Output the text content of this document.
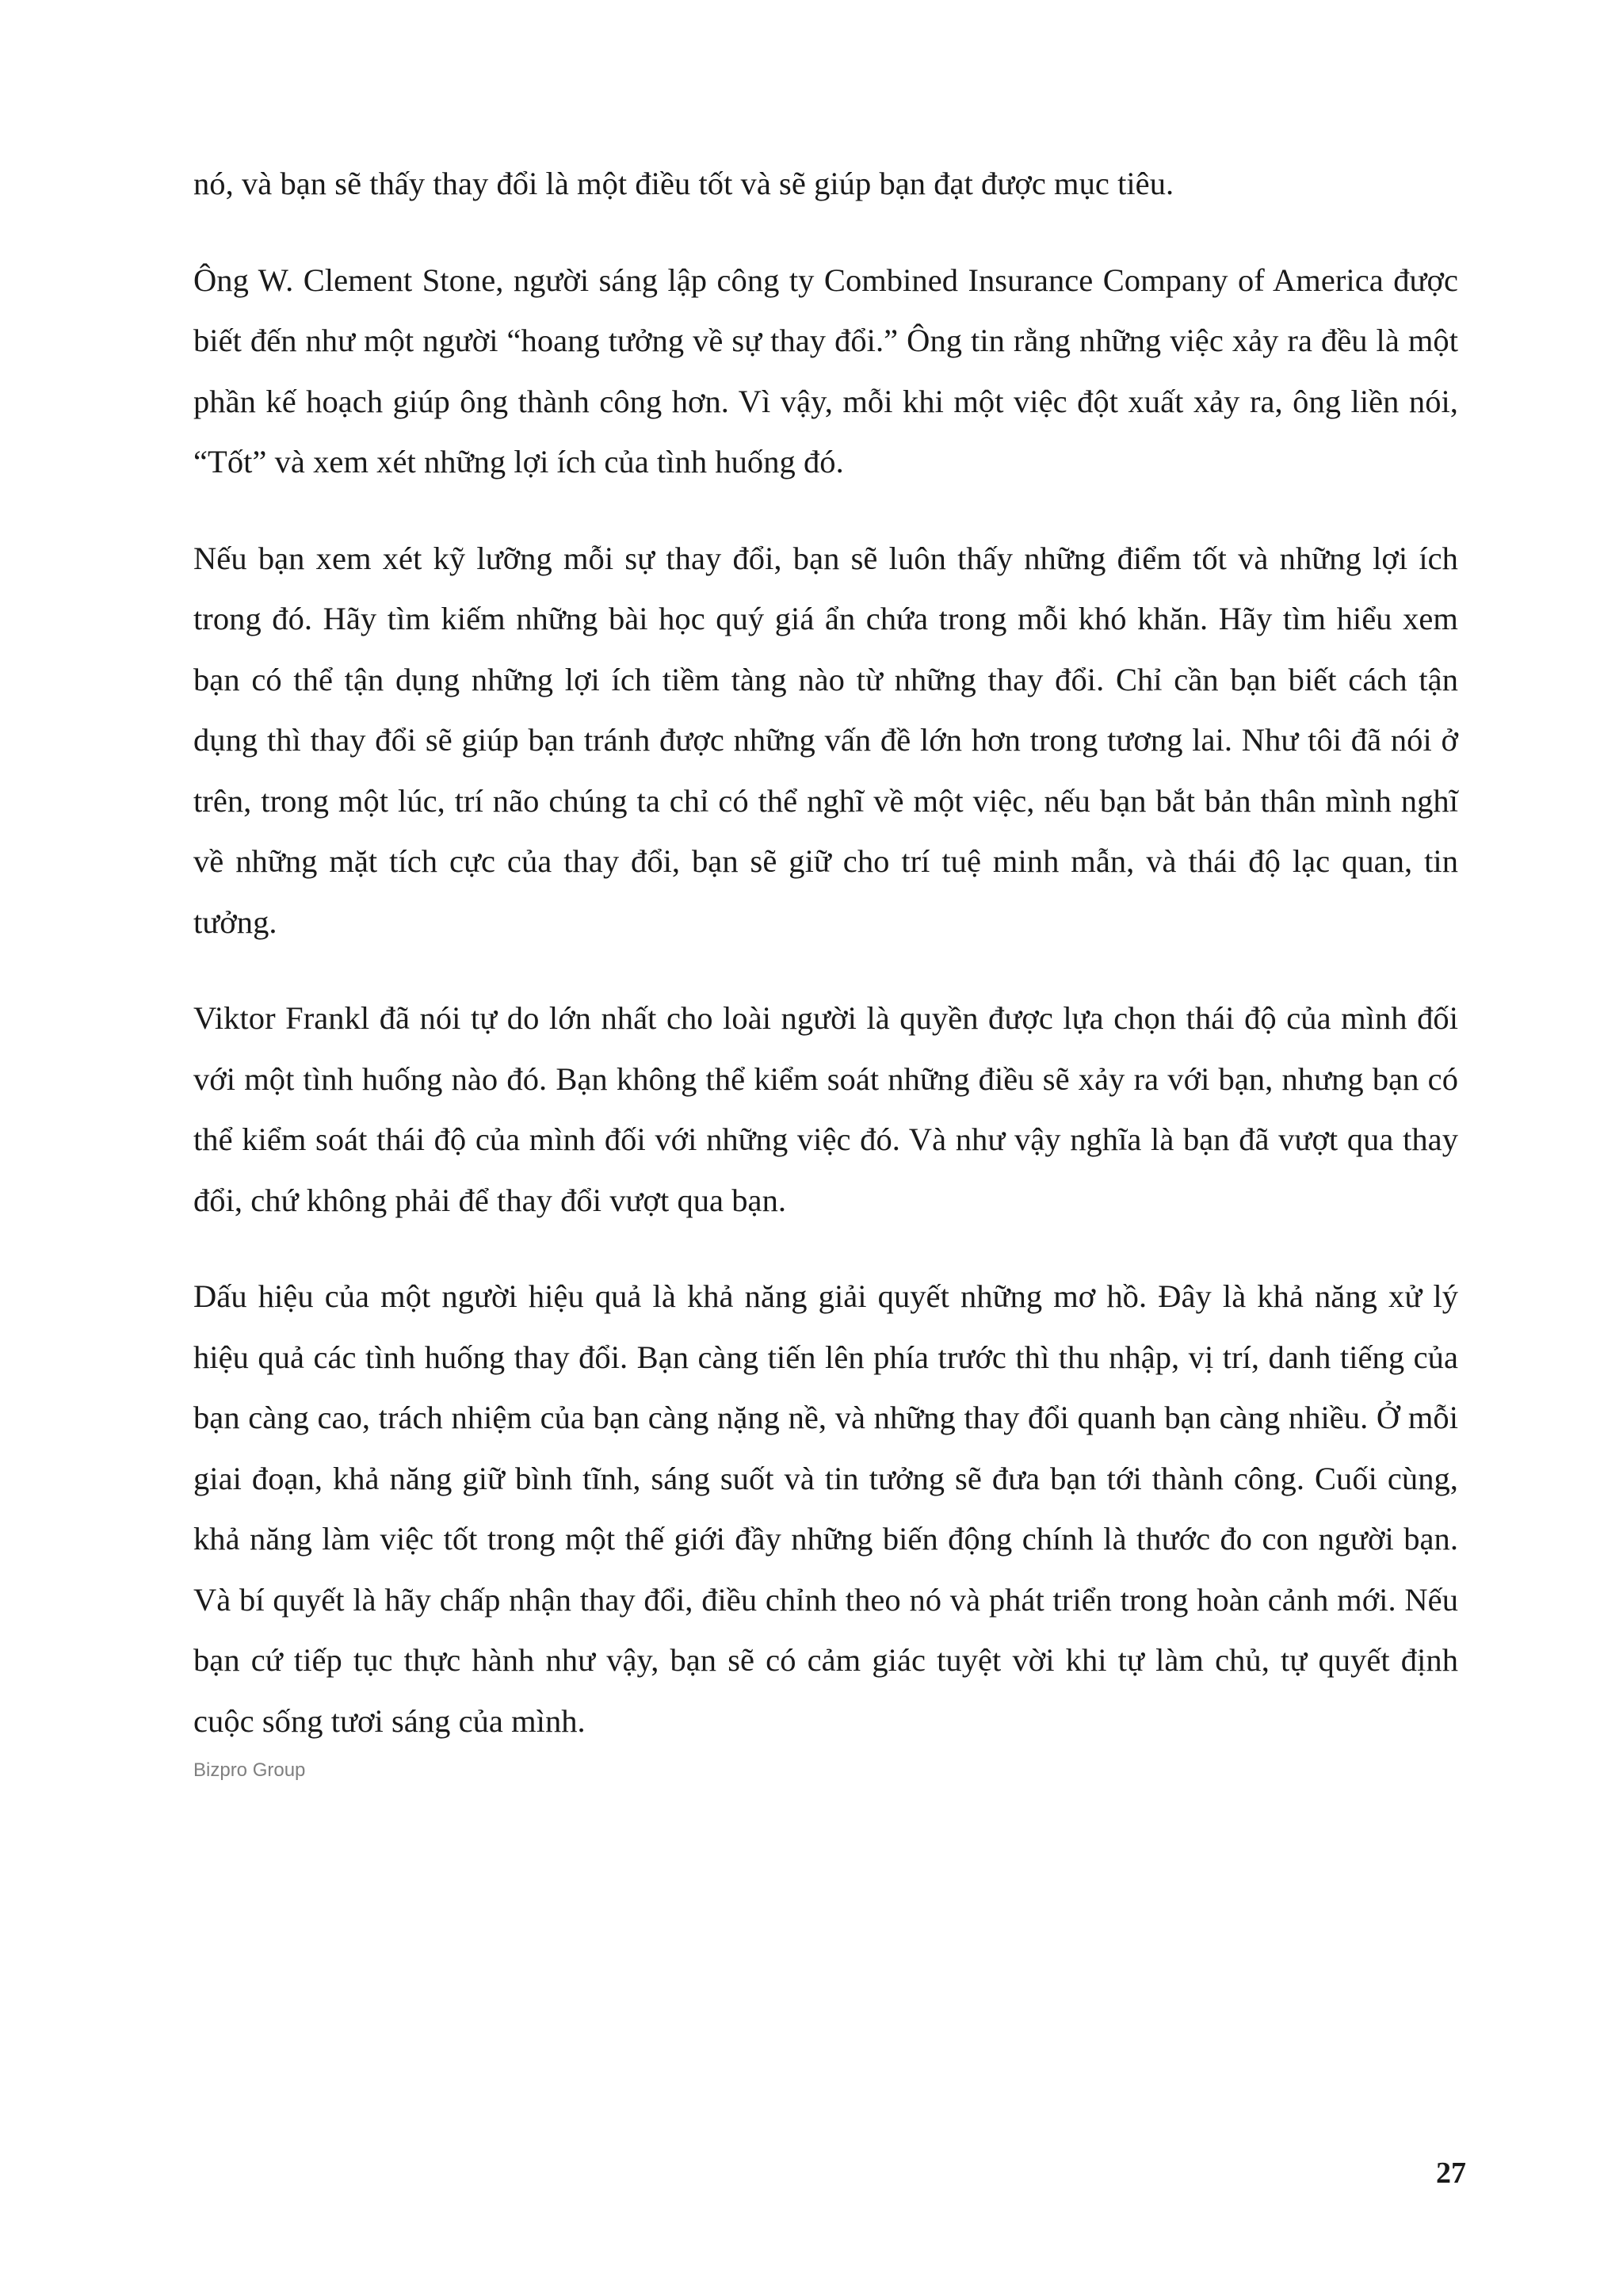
nó, và bạn sẽ thấy thay đổi là một điều tốt và sẽ giúp bạn đạt được mục tiêu.

Ông W. Clement Stone, người sáng lập công ty Combined Insurance Company of America được biết đến như một người “hoang tưởng về sự thay đổi.” Ông tin rằng những việc xảy ra đều là một phần kế hoạch giúp ông thành công hơn. Vì vậy, mỗi khi một việc đột xuất xảy ra, ông liền nói, “Tốt” và xem xét những lợi ích của tình huống đó.

Nếu bạn xem xét kỹ lưỡng mỗi sự thay đổi, bạn sẽ luôn thấy những điểm tốt và những lợi ích trong đó. Hãy tìm kiếm những bài học quý giá ẩn chứa trong mỗi khó khăn. Hãy tìm hiểu xem bạn có thể tận dụng những lợi ích tiềm tàng nào từ những thay đổi. Chỉ cần bạn biết cách tận dụng thì thay đổi sẽ giúp bạn tránh được những vấn đề lớn hơn trong tương lai. Như tôi đã nói ở trên, trong một lúc, trí não chúng ta chỉ có thể nghĩ về một việc, nếu bạn bắt bản thân mình nghĩ về những mặt tích cực của thay đổi, bạn sẽ giữ cho trí tuệ minh mẫn, và thái độ lạc quan, tin tưởng.

Viktor Frankl đã nói tự do lớn nhất cho loài người là quyền được lựa chọn thái độ của mình đối với một tình huống nào đó. Bạn không thể kiểm soát những điều sẽ xảy ra với bạn, nhưng bạn có thể kiểm soát thái độ của mình đối với những việc đó. Và như vậy nghĩa là bạn đã vượt qua thay đổi, chứ không phải để thay đổi vượt qua bạn.

Dấu hiệu của một người hiệu quả là khả năng giải quyết những mơ hồ. Đây là khả năng xử lý hiệu quả các tình huống thay đổi. Bạn càng tiến lên phía trước thì thu nhập, vị trí, danh tiếng của bạn càng cao, trách nhiệm của bạn càng nặng nề, và những thay đổi quanh bạn càng nhiều. Ở mỗi giai đoạn, khả năng giữ bình tĩnh, sáng suốt và tin tưởng sẽ đưa bạn tới thành công. Cuối cùng, khả năng làm việc tốt trong một thế giới đầy những biến động chính là thước đo con người bạn. Và bí quyết là hãy chấp nhận thay đổi, điều chỉnh theo nó và phát triển trong hoàn cảnh mới. Nếu bạn cứ tiếp tục thực hành như vậy, bạn sẽ có cảm giác tuyệt vời khi tự làm chủ, tự quyết định cuộc sống tươi sáng của mình.

Bizpro Group
27
